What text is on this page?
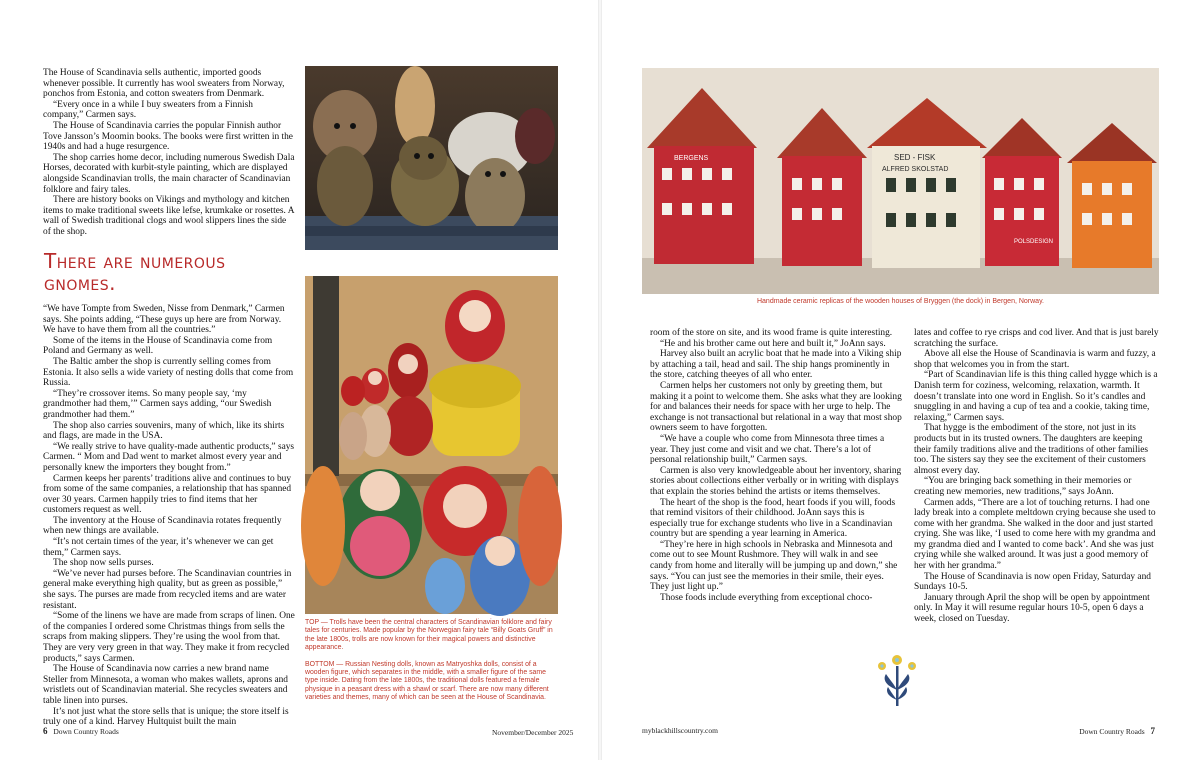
The House of Scandinavia sells authentic, imported goods whenever possible. It currently has wool sweaters from Norway, ponchos from Estonia, and cotton sweaters from Denmark.

“Every once in a while I buy sweaters from a Finnish company,” Carmen says.

The House of Scandinavia carries the popular Finnish author Tove Jansson’s Moomin books. The books were first written in the 1940s and had a huge resurgence.

The shop carries home decor, including numerous Swedish Dala Horses, decorated with kurbit-style painting, which are displayed alongside Scandinavian trolls, the main character of Scandinavian folklore and fairy tales.

There are history books on Vikings and mythology and kitchen items to make traditional sweets like lefse, krumkake or rosettes. A wall of Swedish traditional clogs and wool slippers lines the side of the shop.

There are numerous gnomes.

“We have Tompte from Sweden, Nisse from Denmark,” Carmen says. She points adding, “These guys up here are from Norway. We have to have them from all the countries.”

Some of the items in the House of Scandinavia come from Poland and Germany as well.

The Baltic amber the shop is currently selling comes from Estonia. It also sells a wide variety of nesting dolls that come from Russia.

“They’re crossover items. So many people say, ‘my grandmother had them,’” Carmen says adding, “our Swedish grandmother had them.”

The shop also carries souvenirs, many of which, like its shirts and flags, are made in the USA.

“We really strive to have quality-made authentic products,” says Carmen. “ Mom and Dad went to market almost every year and personally knew the importers they bought from.”

Carmen keeps her parents’ traditions alive and continues to buy from some of the same companies, a relationship that has spanned over 30 years. Carmen happily tries to find items that her customers request as well.

The inventory at the House of Scandinavia rotates frequently when new things are available.

“It’s not certain times of the year, it’s whenever we can get them,” Carmen says.

The shop now sells purses.

“We’ve never had purses before. The Scandinavian countries in general make everything high quality, but as green as possible,” she says. The purses are made from recycled items and are water resistant.

“Some of the linens we have are made from scraps of linen. One of the companies I ordered some Christmas things from sells the scraps from making slippers. They’re using the wool from that. They are very very green in that way. They make it from recycled products,” says Carmen.

The House of Scandinavia now carries a new brand name Steller from Minnesota, a woman who makes wallets, aprons and wristlets out of Scandinavian material. She recycles sweaters and table linen into purses.

It’s not just what the store sells that is unique; the store itself is truly one of a kind. Harvey Hultquist built the main

TOP — Trolls have been the central characters of Scandinavian folklore and fairy tales for centuries. Made popular by the Norwegian fairy tale “Billy Goats Gruff” in the late 1800s, trolls are now known for their magical powers and distinctive appearance.

BOTTOM — Russian Nesting dolls, known as Matryoshka dolls, consist of a wooden figure, which separates in the middle, with a smaller figure of the same type inside. Dating from the late 1800s, the traditional dolls featured a female physique in a peasant dress with a shawl or scarf. There are now many different varieties and themes, many of which can be seen at the House of Scandinavia.

6 Down Country Roads	November/December 2025
BERGENS	SED - FISK
ALFRED SKOLSTAD
POLSDESIGN
Handmade ceramic replicas of the wooden houses of Bryggen (the dock) in Bergen, Norway.

room of the store on site, and its wood frame is quite interesting.

“He and his brother came out here and built it,” JoAnn says.

Harvey also built an acrylic boat that he made into a Viking ship by attaching a tail, head and sail. The ship hangs prominently in the store, catching theeyes of all who enter.

Carmen helps her customers not only by greeting them, but making it a point to welcome them. She asks what they are looking for and balances their needs for space with her urge to help. The exchange is not transactional but relational in a way that most shop owners seem to have forgotten.

“We have a couple who come from Minnesota three times a year. They just come and visit and we chat. There’s a lot of personal relationship built,” Carmen says.

Carmen is also very knowledgeable about her inventory, sharing stories about collections either verbally or in writing with displays that explain the stories behind the artists or items themselves.

The heart of the shop is the food, heart foods if you will, foods that remind visitors of their childhood. JoAnn says this is especially true for exchange students who live in a Scandinavian country but are spending a year learning in America.

“They’re here in high schools in Nebraska and Minnesota and come out to see Mount Rushmore. They will walk in and see candy from home and literally will be jumping up and down,” she says. “You can just see the memories in their smile, their eyes. They just light up.”

Those foods include everything from exceptional choco-

lates and coffee to rye crisps and cod liver. And that is just barely scratching the surface.

Above all else the House of Scandinavia is warm and fuzzy, a shop that welcomes you in from the start.

“Part of Scandinavian life is this thing called hygge which is a Danish term for coziness, welcoming, relaxation, warmth. It doesn’t translate into one word in English. So it’s candles and snuggling in and having a cup of tea and a cookie, taking time, relaxing,” Carmen says.

That hygge is the embodiment of the store, not just in its products but in its trusted owners. The daughters are keeping their family traditions alive and the traditions of other families too. The sisters say they see the excitement of their customers almost every day.

“You are bringing back something in their memories or creating new memories, new traditions,” says JoAnn.

Carmen adds, “There are a lot of touching returns. I had one lady break into a complete meltdown crying because she used to come with her grandma. She walked in the door and just started crying. She was like, ‘I used to come here with my grandma and my grandma died and I wanted to come back’. And she was just crying while she walked around. It was just a good memory of her with her grandma.”

The House of Scandinavia is now open Friday, Saturday and Sundays 10-5.

January through April the shop will be open by appointment only. In May it will resume regular hours 10-5, open 6 days a week, closed on Tuesday.

myblackhillscountry.com	Down Country Roads 7
